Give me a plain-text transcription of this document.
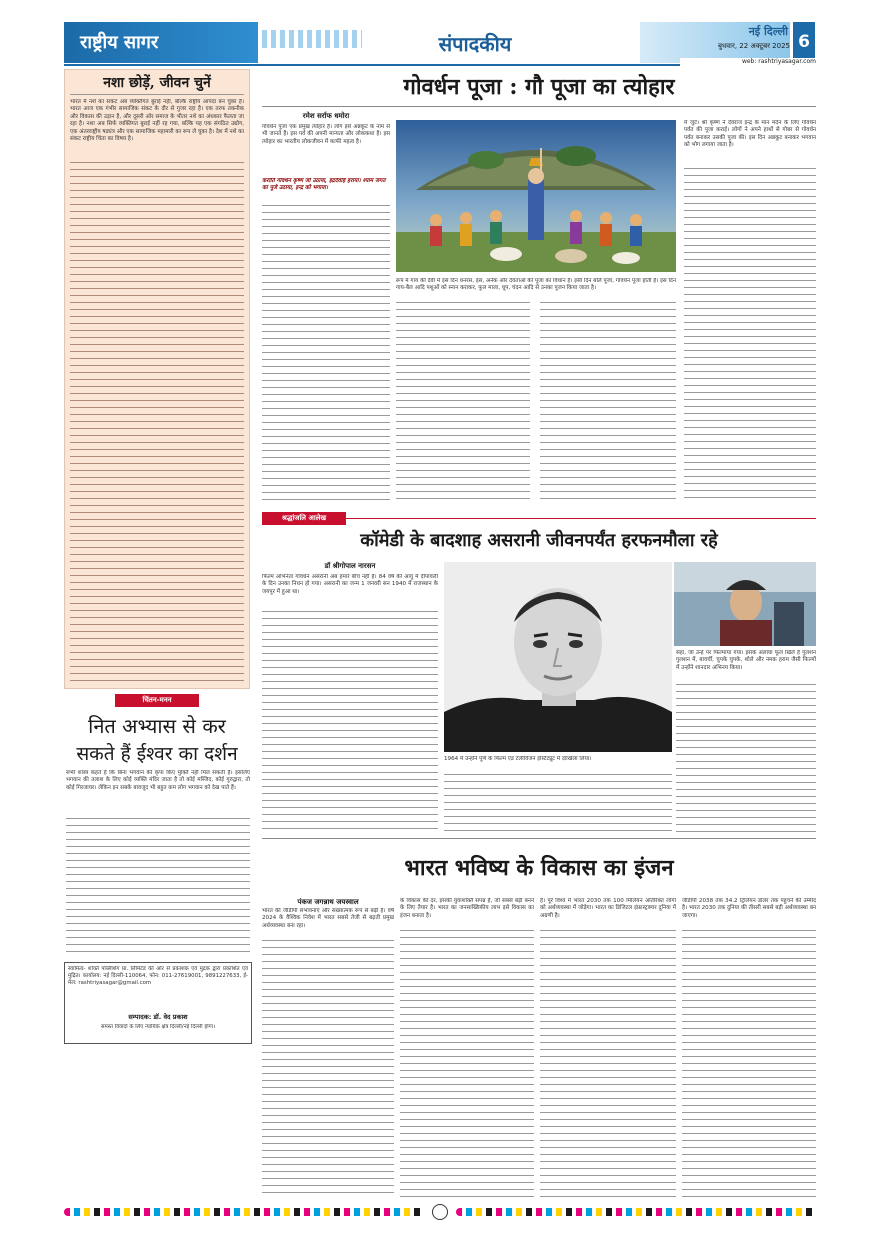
राष्ट्रीय सागर	संपादकीय
नई दिल्ली
बुधवार, 22 अक्टूबर 2025 6
web: rashtriyasagar.com
नशा छोड़ें, जीवन चुनें
भारत में नशे का संकट अब व्यक्तिगत बुराई नहीं, बल्कि राष्ट्रीय आपदा बन चुका है। भारत आज एक गंभीर सामाजिक संकट के दौर से गुजर रहा है। एक तरफ तकनीक और विकास की उड़ान है, और दूसरी ओर समाज के भीतर नशे का अंधकार फैलता जा रहा है। नशा अब सिर्फ व्यक्तिगत बुराई नहीं रह गया, बल्कि यह एक संगठित उद्योग, एक अंतरराष्ट्रीय षड्यंत्र और एक सामाजिक महामारी का रूप ले चुका है। देश में नशे का संकट राष्ट्रीय चिंता का विषय है।
चिंतन-मनन
नित अभ्यास से कर
सकते हैं ईश्वर का दर्शन
सभी शास्त्र कहते हैं कि बिना भगवान की कृपा किए मुक्ति नहीं मिल सकती है। इसलिए भगवान की तलाश के लिए कोई व्यक्ति मंदिर जाता है तो कोई मस्जिद, कोई गुरुद्वारा, तो कोई गिरजाघर। लेकिन इन सबके बावजूद भी बहुत कम लोग भगवान को देख पाते हैं।
स्वामित्व- शक्ति पब्लिशिंग प्रा. लिमिटेड की ओर से प्रकाशक एवं मुद्रक द्वारा प्रकाशित एवं मुद्रित। कार्यालय: नई दिल्ली-110064, फोन: 011-27619001, 9891227633, ई-मेल: rashtriyasagar@gmail.com
सम्पादक: डॉ. वेद प्रकाश
समस्त विवादों के लिए न्यायिक क्षेत्र दिल्ली/नई दिल्ली होगा।
गोवर्धन पूजा : गौ पूजा का त्योहार
रमेश सर्राफ धमोरा
गोवर्धन पूजा एक प्रमुख त्योहार है। लोग इसे अन्नकूट के नाम से भी जानते हैं। इस पर्व की अपनी मान्यता और लोककथा है। इस त्योहार का भारतीय लोकजीवन में काफी महत्व है।
करोति गोवर्धन कृष्ण जो उठाया, इंद्रदेवहिं हराया। श्याम जगत का पूजे उठाया, इन्द्र को भगाया।
रूप में गाय की देवी में इस दिन धनरस, इस, अनेक और देवताओं की पूजा का विधान है। इसी दिन बलि पूजा, गोवर्धन पूजा होती है। इस दिन गाय-बैल आदि पशुओं को स्नान कराकर, फूल माला, धूप, चंदन आदि से उनका पूजन किया जाता है।
में जुटे। श्री कृष्ण ने देवराज इन्द्र के मान मर्दन के लिए गोवर्धन पर्वत की पूजा कराई। लोगों ने अपने हाथों से गोबर से गोवर्धन पर्वत बनाकर उसकी पूजा की। इस दिन अन्नकूट बनाकर भगवान को भोग लगाया जाता है।
श्रद्धांजलि आलेख
कॉमेडी के बादशाह असरानी जीवनपर्यंत हरफनमौला रहे
डॉ श्रीगोपाल नारसन
फिल्म अभिनेता गोवर्धन असरानी अब हमारे बीच नहीं हैं। 84 वर्ष की आयु में दीपावली के दिन उनका निधन हो गया। असरानी का जन्म 1 जनवरी सन 1940 में राजस्थान के जयपुर में हुआ था।
सहा, जो उन्हें पर फिल्माया गया। इसके अलावा फूल खिले हैं गुलशन गुलशन में, बावर्ची, चुपके चुपके, शोले और नमक हराम जैसी फिल्मों में उन्होंने शानदार अभिनय किया।
1964 में उन्होंने पुणे के फिल्म एंड टेलीविजन इंस्टिट्यूट में दाखिला लिया।
भारत भविष्य के विकास का इंजन
पंकज जगन्नाथ जयस्वाल
भारत की जीडीपी संभावनाएं और संख्यात्मक रूप से बढ़ी है। वर्ष 2024 के वैश्विक निवेश में भारत सबसे तेजी से बढ़ती प्रमुख अर्थव्यवस्था बना रहा।
के विकास की दर, इसकी युवाशक्ति संपन्न है, जो सबसे बड़ी बनने के लिए तैयार है। भारत का जनसांख्यिकीय लाभ इसे विकास का इंजन बनाता है।
है। पूरे विश्व में भारत 2030 तक 100 मिलियन अतिरिक्त लोगों को अर्थव्यवस्था में जोड़ेगा। भारत का डिजिटल इंफ्रास्ट्रक्चर दुनिया में अग्रणी है।
जीडीपी 2038 तक 34.2 ट्रिलियन डॉलर तक पहुंचने की उम्मीद है। भारत 2030 तक दुनिया की तीसरी सबसे बड़ी अर्थव्यवस्था बन जाएगा।
